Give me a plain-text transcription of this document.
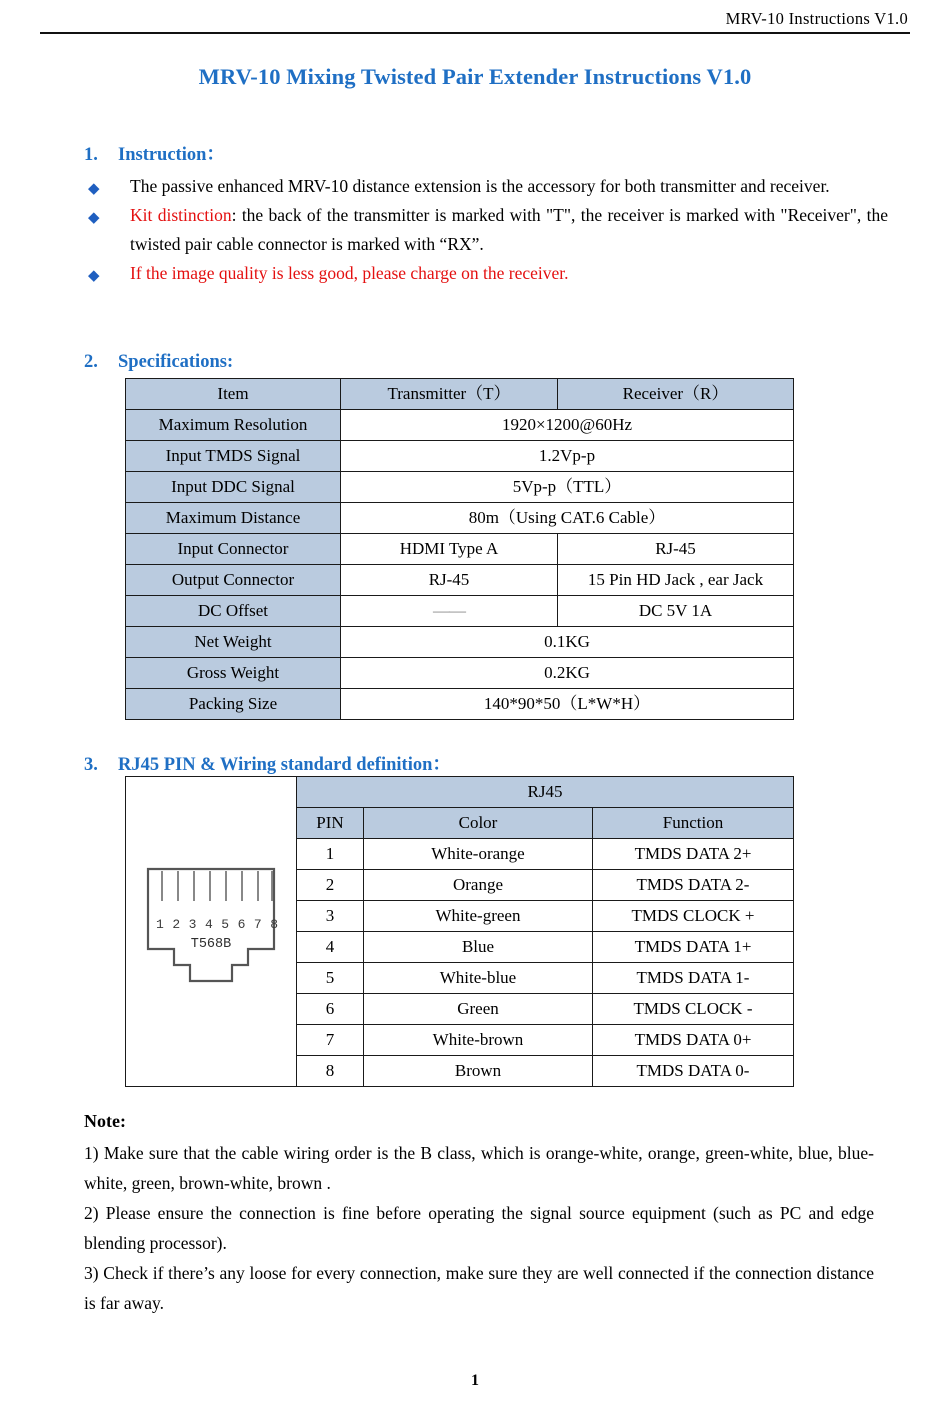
MRV-10 Instructions V1.0
MRV-10 Mixing Twisted Pair Extender Instructions V1.0
1.	Instruction：
◆ The passive enhanced MRV-10 distance extension is the accessory for both transmitter and receiver.
◆ Kit distinction: the back of the transmitter is marked with "T", the receiver is marked with "Receiver", the twisted pair cable connector is marked with “RX”.
◆ If the image quality is less good, please charge on the receiver.
2.	Specifications:
Item	Transmitter（T）	Receiver（R）
Maximum Resolution	1920×1200@60Hz	
Input TMDS Signal	1.2Vp-p	
Input DDC Signal	5Vp-p（TTL）	
Maximum Distance	80m（Using CAT.6 Cable）	
Input Connector	HDMI Type A	RJ-45
Output Connector	RJ-45	15 Pin HD Jack , ear Jack
DC Offset	——	DC 5V 1A
Net Weight	0.1KG	
Gross Weight	0.2KG	
Packing Size	140*90*50（L*W*H）	
3.	RJ45 PIN & Wiring standard definition：
1 2 3 4 5 6 7 8
T568B
	RJ45
	PIN	Color	Function
	1	White-orange	TMDS DATA 2+
	2	Orange	TMDS DATA 2-
	3	White-green	TMDS CLOCK +
	4	Blue	TMDS DATA 1+
	5	White-blue	TMDS DATA 1-
	6	Green	TMDS CLOCK -
	7	White-brown	TMDS DATA 0+
	8	Brown	TMDS DATA 0-
Note:

1) Make sure that the cable wiring order is the B class, which is orange-white, orange, green-white, blue, blue-white, green, brown-white, brown .

2) Please ensure the connection is fine before operating the signal source equipment (such as PC and edge blending processor).

3) Check if there’s any loose for every connection, make sure they are well connected if the connection distance is far away.

1
